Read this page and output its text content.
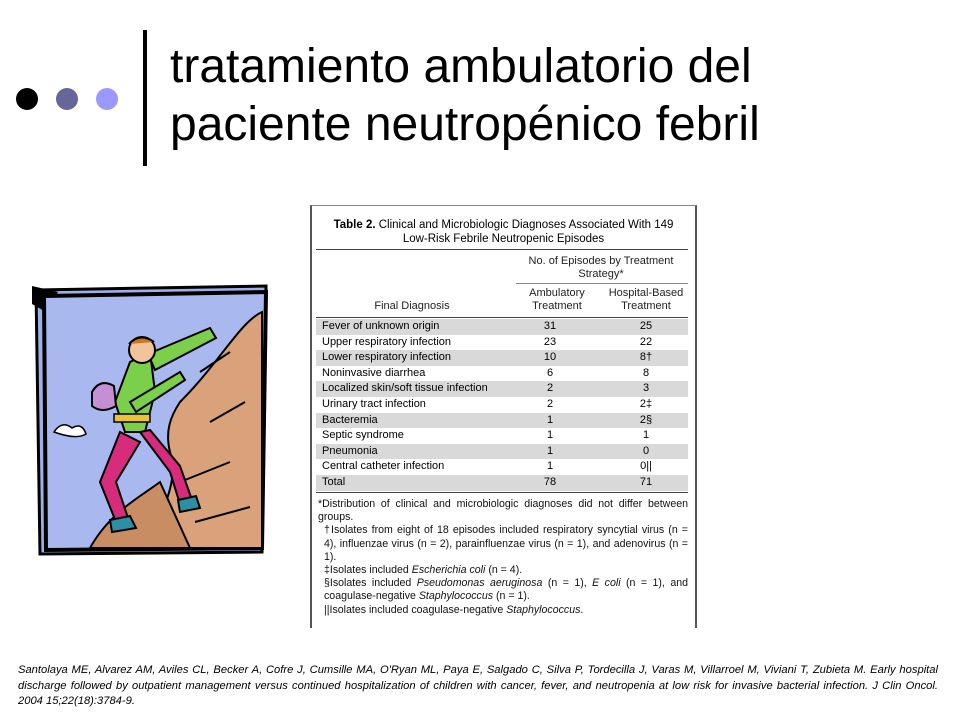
tratamiento ambulatorio del
paciente neutropénico febril
Table 2. Clinical and Microbiologic Diagnoses Associated With 149
Low-Risk Febrile Neutropenic Episodes
No. of Episodes by Treatment
Strategy*
Ambulatory
Treatment
Hospital-Based
Treatment
Final Diagnosis
Fever of unknown origin	31	25
Upper respiratory infection	23	22
Lower respiratory infection	10	8†
Noninvasive diarrhea	6	8
Localized skin/soft tissue infection	2	3
Urinary tract infection	2	2‡
Bacteremia	1	2§
Septic syndrome	1	1
Pneumonia	1	0
Central catheter infection	1	0||
Total	78	71

*Distribution of clinical and microbiologic diagnoses did not differ between groups.

†Isolates from eight of 18 episodes included respiratory syncytial virus (n = 4), influenzae virus (n = 2), parainfluenzae virus (n = 1), and adenovirus (n = 1).

‡Isolates included Escherichia coli (n = 4).

§Isolates included Pseudomonas aeruginosa (n = 1), E coli (n = 1), and coagulase-negative Staphylococcus (n = 1).

||Isolates included coagulase-negative Staphylococcus.

Santolaya ME, Alvarez AM, Aviles CL, Becker A, Cofre J, Cumsille MA, O'Ryan ML, Paya E, Salgado C, Silva P, Tordecilla J, Varas M, Villarroel M, Viviani T, Zubieta M. Early hospital discharge followed by outpatient management versus continued hospitalization of children with cancer, fever, and neutropenia at low risk for invasive bacterial infection. J Clin Oncol. 2004 15;22(18):3784-9.
